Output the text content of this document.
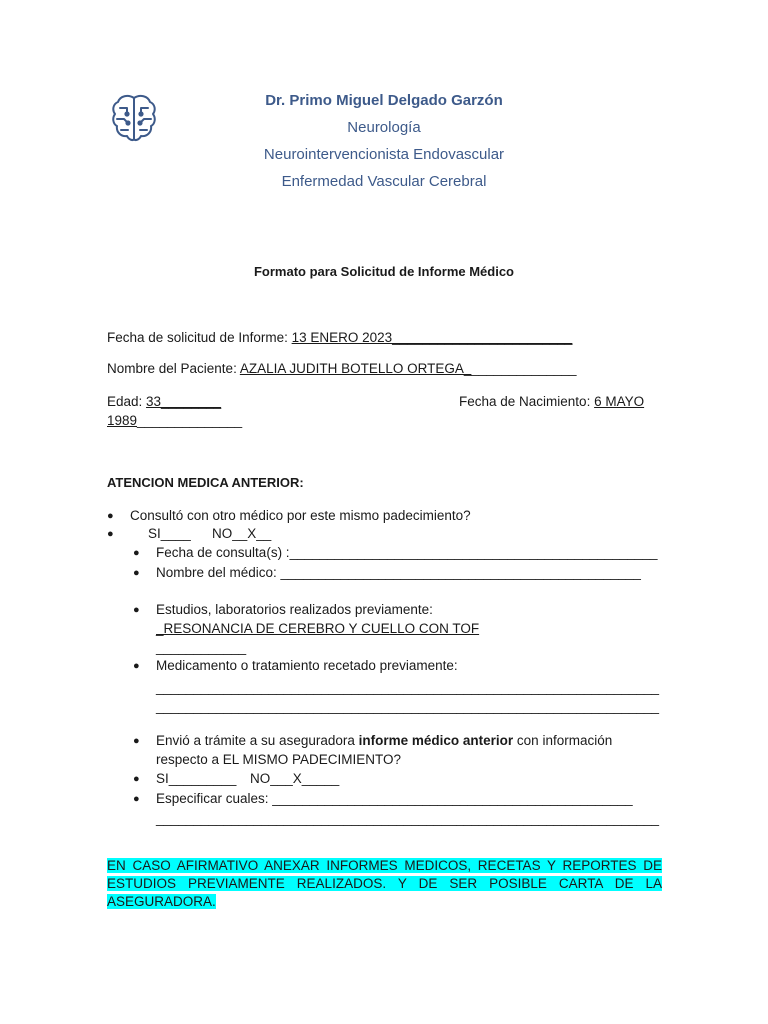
Dr. Primo Miguel Delgado Garzón
Neurología
Neurointervencionista Endovascular
Enfermedad Vascular Cerebral
Formato para Solicitud de Informe Médico
Fecha de solicitud de Informe: 13 ENERO 2023________________________
Nombre del Paciente: AZALIA JUDITH BOTELLO ORTEGA_______________
Edad: 33________	Fecha de Nacimiento: 6 MAYO
1989______________
ATENCION MEDICA ANTERIOR:
● Consultó con otro médico por este mismo padecimiento?
●	SI____ NO__X__
● Fecha de consulta(s) :_________________________________________________
● Nombre del médico: ________________________________________________
● Estudios, laboratorios realizados previamente:
_RESONANCIA DE CEREBRO Y CUELLO CON TOF
____________
● Medicamento o tratamiento recetado previamente:
___________________________________________________________________
___________________________________________________________________
● Envió a trámite a su aseguradora informe médico anterior con información
respecto a EL MISMO PADECIMIENTO?
● SI_________ NO___X_____
● Especificar cuales: ________________________________________________
___________________________________________________________________
EN CASO AFIRMATIVO ANEXAR INFORMES MEDICOS, RECETAS Y REPORTES DE ESTUDIOS PREVIAMENTE REALIZADOS. Y DE SER POSIBLE CARTA DE LA ASEGURADORA.
